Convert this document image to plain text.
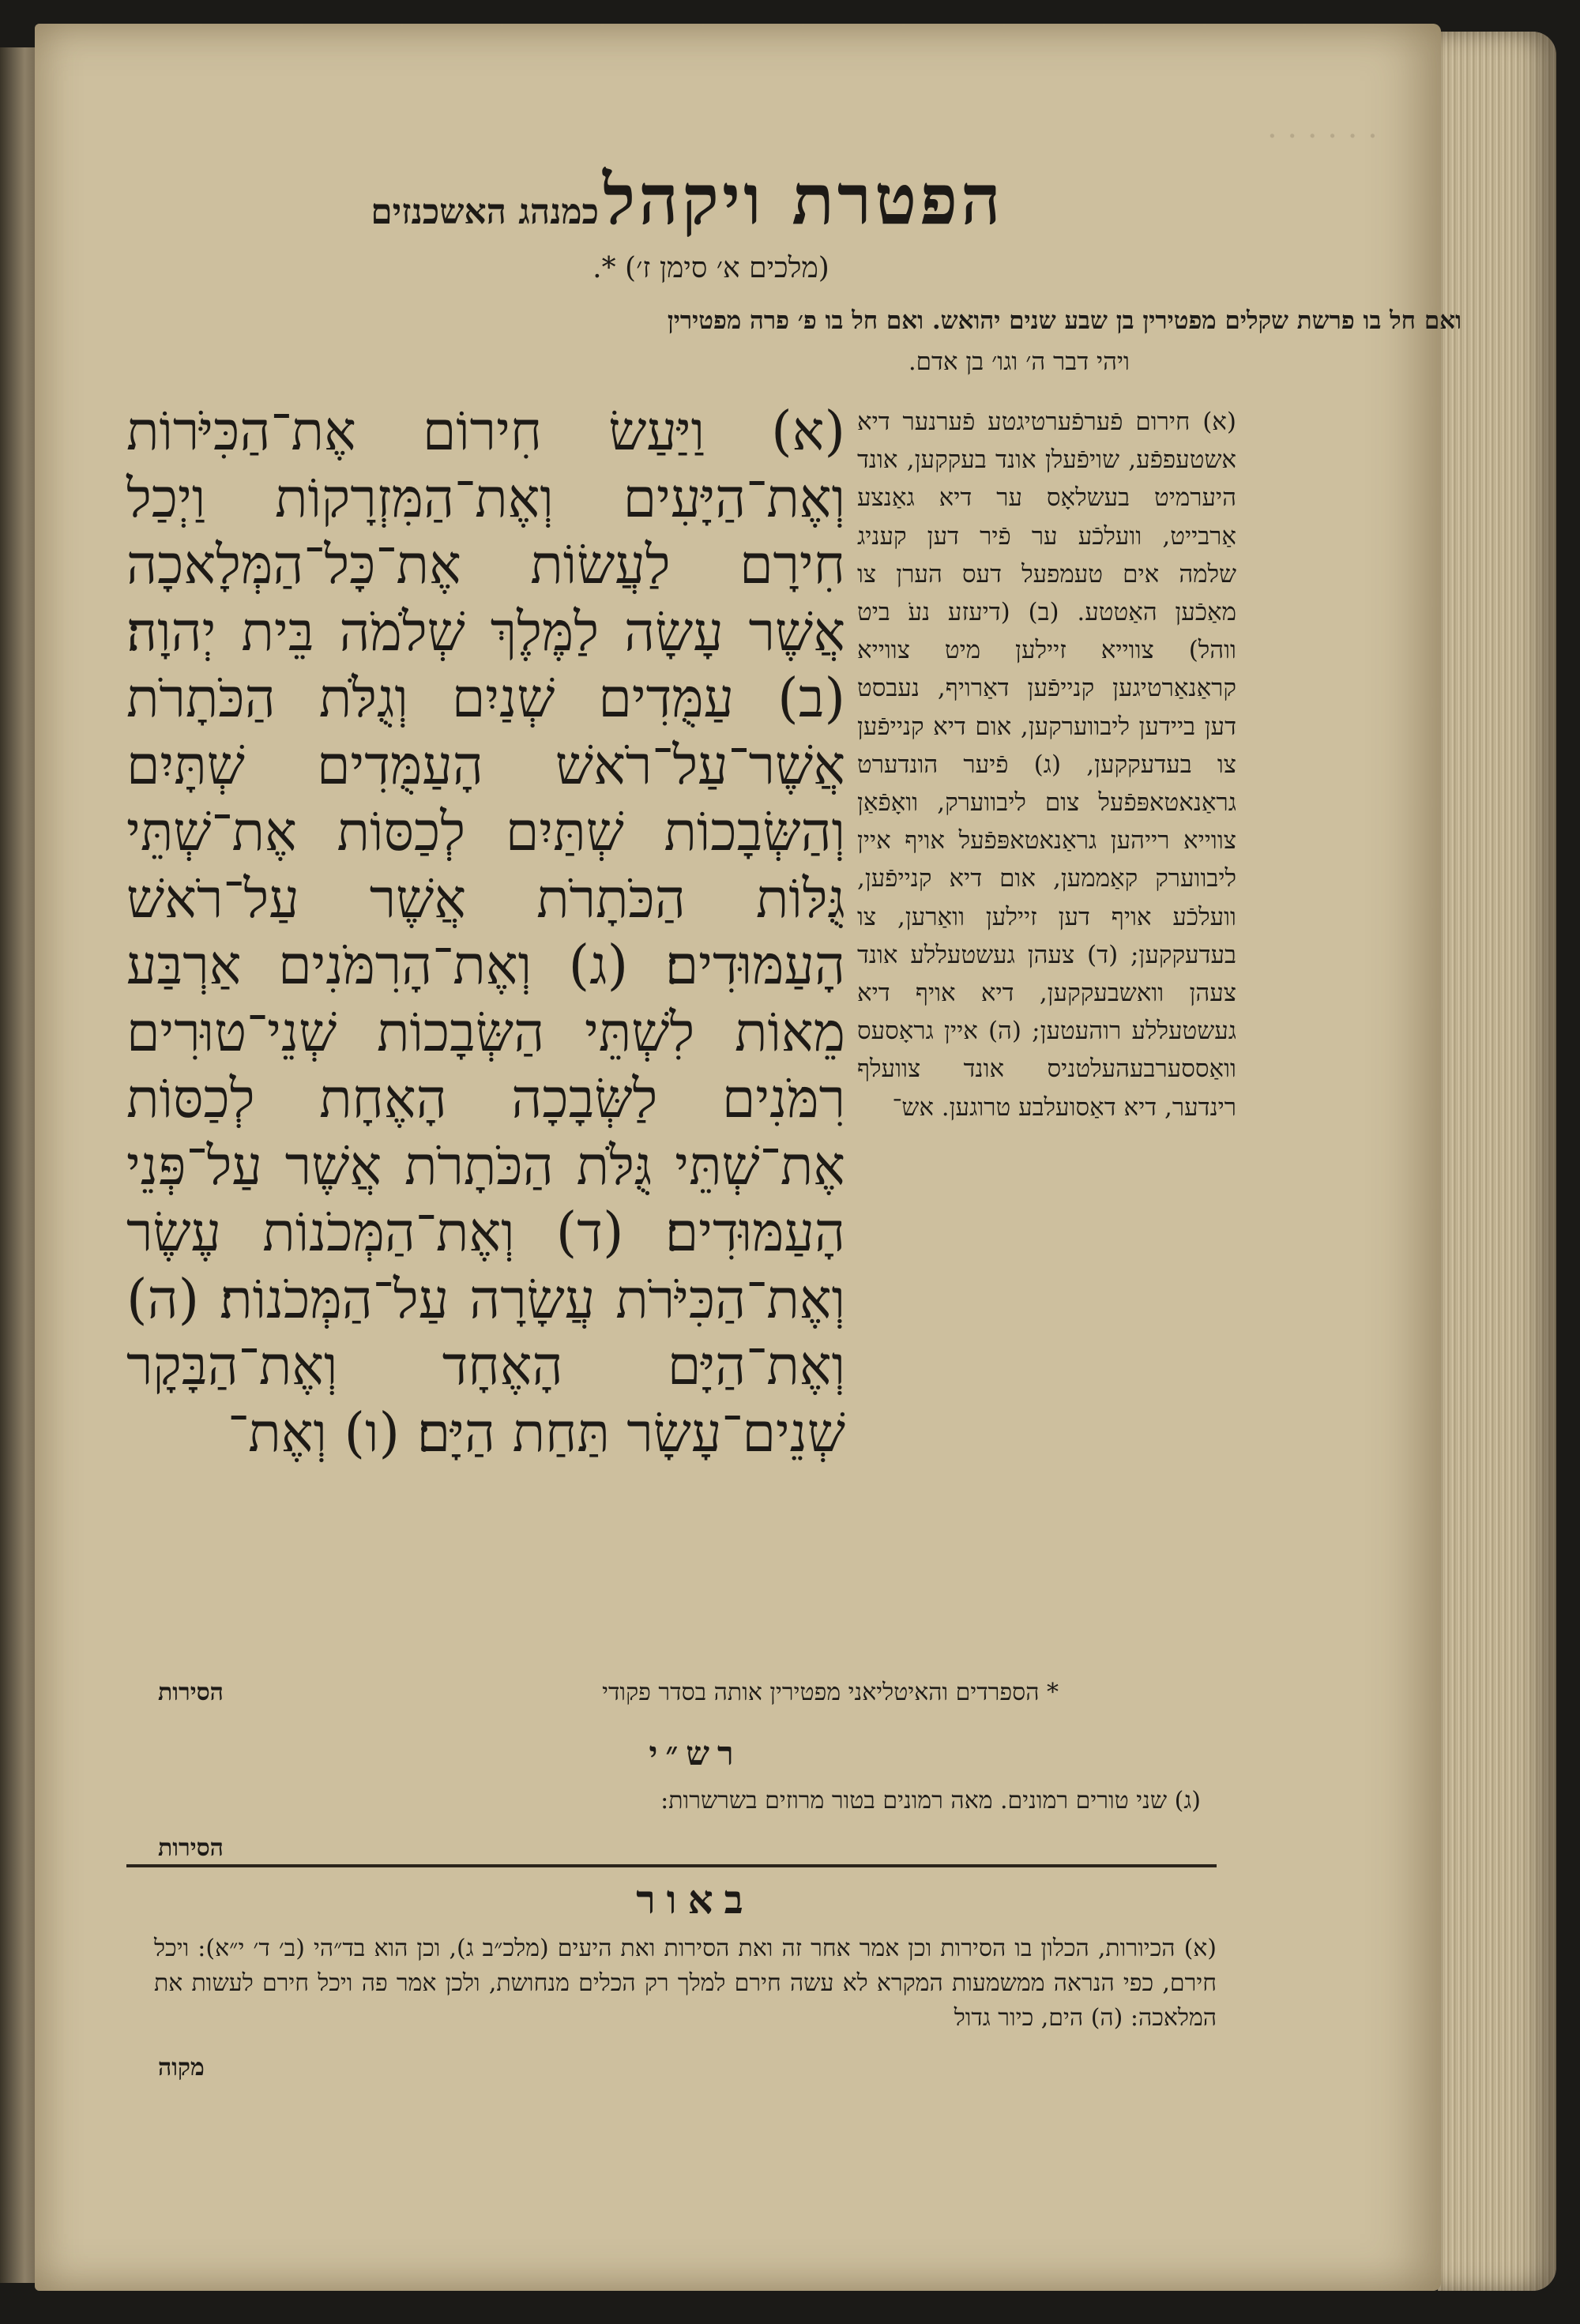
· · · · · ·
הפטרת ויקהל כמנהג האשכנזים
(מלכים א׳ סימן ז׳) *.
ואם חל בו פרשת שקלים מפטירין בן שבע שנים יהואש. ואם חל בו פ׳ פרה מפטירין
ויהי דבר ה׳ וגו׳ בן אדם.
(א) וַיַּעַשׂ חִירוֹם אֶת־הַכִּיֹּרוֹת וְאֶת־הַיָּעִים וְאֶת־הַמִּזְרָקוֹת וַיְכַל חִירָם לַעֲשׂוֹת אֶת־כָּל־הַמְּלָאכָה אֲשֶׁר עָשָׂה לַמֶּלֶךְ שְׁלֹמֹה בֵּית יְהוָה׃ (ב) עַמֻּדִים שְׁנַיִם וְגֻלֹּת הַכֹּתָרֹת אֲשֶׁר־עַל־רֹאשׁ הָעַמֻּדִים שְׁתָּיִם וְהַשְּׂבָכוֹת שְׁתַּיִם לְכַסּוֹת אֶת־שְׁתֵּי גֻּלּוֹת הַכֹּתָרֹת אֲשֶׁר עַל־רֹאשׁ הָעַמּוּדִים׃ (ג) וְאֶת־הָרִמֹּנִים אַרְבַּע מֵאוֹת לִשְׁתֵּי הַשְּׂבָכוֹת שְׁנֵי־טוּרִים רִמֹּנִים לַשְּׂבָכָה הָאֶחָת לְכַסּוֹת אֶת־שְׁתֵּי גֻּלֹּת הַכֹּתָרֹת אֲשֶׁר עַל־פְּנֵי הָעַמּוּדִים׃ (ד) וְאֶת־הַמְּכֹנוֹת עֶשֶׂר וְאֶת־הַכִּיֹּרֹת עֲשָׂרָה עַל־הַמְּכֹנוֹת׃ (ה) וְאֶת־הַיָּם הָאֶחָד וְאֶת־הַבָּקָר שְׁנֵים־עָשָׂר תַּחַת הַיָּם׃ (ו) וְאֶת־
(א) חירום פֿערפֿערטיגטע פֿערנער דיא אשטעפפֿע, שויפֿעלן אונד בעקקען, אונד היערמיט בעשלאָס ער דיא גאַנצע אַרבייט, וועלכֿע ער פֿיר דען קעניג שלמה אים טעמפעל דעס הערן צו מאַכֿען האַטטע. (ב) (דיעזע נעֹ ביט ווהל) צווייא זיילען מיט צווייא קראַנאַרטיגען קנייפֿען דאַרויף, נעבסט דען ביידען ליבווערקען, אום דיא קנייפֿען צו בעדעקקען, (ג) פֿיער הונדערט גראַנאטאפּפֿעל צום ליבווערק, וואָפֿאַן צווייא רייהען גראַנאטאפּפֿעל אויף איין ליבווערק קאַממען, אום דיא קנייפֿען, וועלכֿע אויף דען זיילען וואַרען, צו בעדעקקען; (ד) צעהן געשטעללע אונד צעהן וואשבעקקען, דיא אויף דיא געשטעללע רוהעטען; (ה) איין גראָסעס וואַססערבעהעלטניס אונד צוועלף רינדער, דיא דאַסועלבע טרוגען. אש־
* הספרדים והאיטליאני מפטירין אותה בסדר פקודי
הסירות
רש״י
(ג) שני טורים רמונים. מאה רמונים בטור מרוזים בשרשרות:
הסירות
באור
(א) הכיורות, הכלון בו הסירות וכן אמר אחר זה ואת הסירות ואת היעים (מלכ״ב ג), וכן הוא בד״הי (ב׳ ד׳ י״א): ויכל חירם, כפי הנראה ממשמעות המקרא לא עשה חירם למלך רק הכלים מנחושת, ולכן אמר פה ויכל חירם לעשות את המלאכה: (ה) הים, כיור גדול
מקוה
